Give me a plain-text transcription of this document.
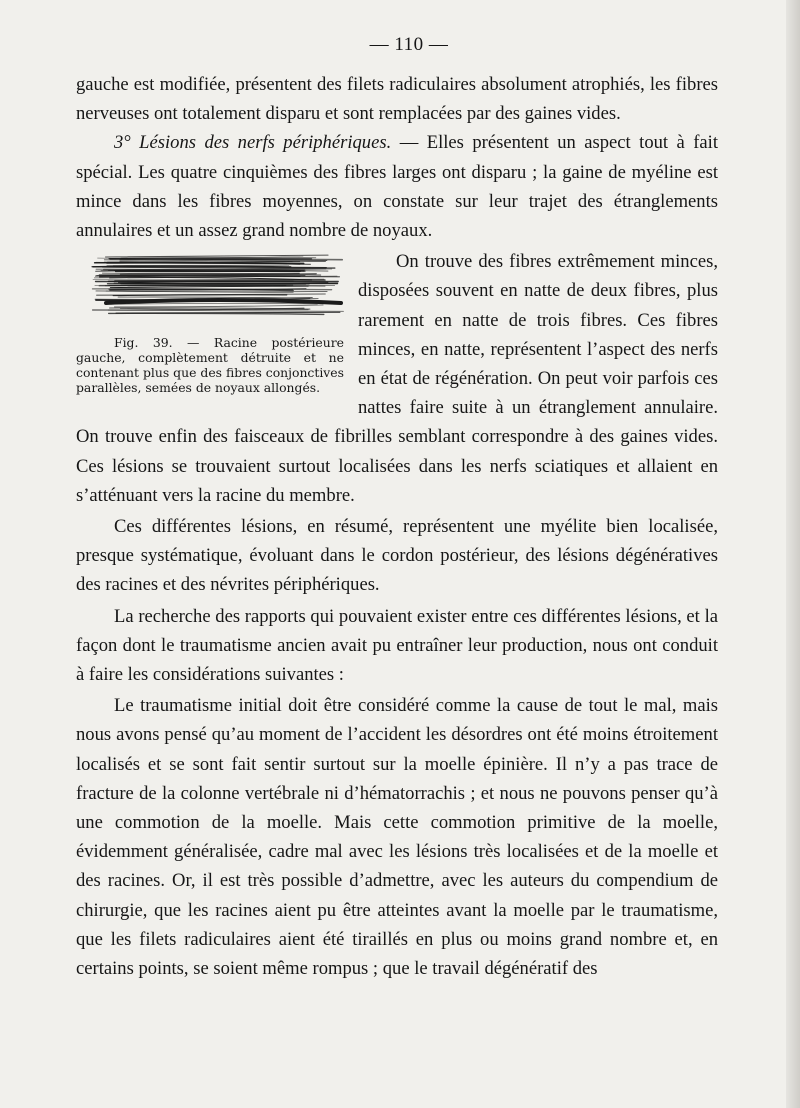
— 110 —

gauche est modifiée, présentent des filets radiculaires absolument atrophiés, les fibres nerveuses ont totalement disparu et sont remplacées par des gaines vides.

3° Lésions des nerfs périphériques. — Elles présentent un aspect tout à fait spécial. Les quatre cinquièmes des fibres larges ont disparu ; la gaine de myéline est mince dans les fibres moyennes, on constate sur leur trajet des étranglements annulaires et un assez grand nombre de noyaux.

Fig. 39. — Racine postérieure gauche, complètement détruite et ne contenant plus que des fibres conjonctives parallèles, semées de noyaux allongés.
On trouve des fibres extrêmement minces, disposées souvent en natte de deux fibres, plus rarement en natte de trois fibres. Ces fibres minces, en natte, représentent l’aspect des nerfs en état de régénération. On peut voir parfois ces nattes faire suite à un étranglement annulaire. On trouve enfin des faisceaux de fibrilles semblant correspondre à des gaines vides. Ces lésions se trouvaient surtout localisées dans les nerfs sciatiques et allaient en s’atténuant vers la racine du membre.

Ces différentes lésions, en résumé, représentent une myélite bien localisée, presque systématique, évoluant dans le cordon postérieur, des lésions dégénératives des racines et des névrites périphériques.

La recherche des rapports qui pouvaient exister entre ces différentes lésions, et la façon dont le traumatisme ancien avait pu entraîner leur production, nous ont conduit à faire les considérations suivantes :

Le traumatisme initial doit être considéré comme la cause de tout le mal, mais nous avons pensé qu’au moment de l’accident les désordres ont été moins étroitement localisés et se sont fait sentir surtout sur la moelle épinière. Il n’y a pas trace de fracture de la colonne vertébrale ni d’hématorrachis ; et nous ne pouvons penser qu’à une commotion de la moelle. Mais cette commotion primitive de la moelle, évidemment généralisée, cadre mal avec les lésions très localisées et de la moelle et des racines. Or, il est très possible d’admettre, avec les auteurs du compendium de chirurgie, que les racines aient pu être atteintes avant la moelle par le traumatisme, que les filets radiculaires aient été tiraillés en plus ou moins grand nombre et, en certains points, se soient même rompus ; que le travail dégénératif des
